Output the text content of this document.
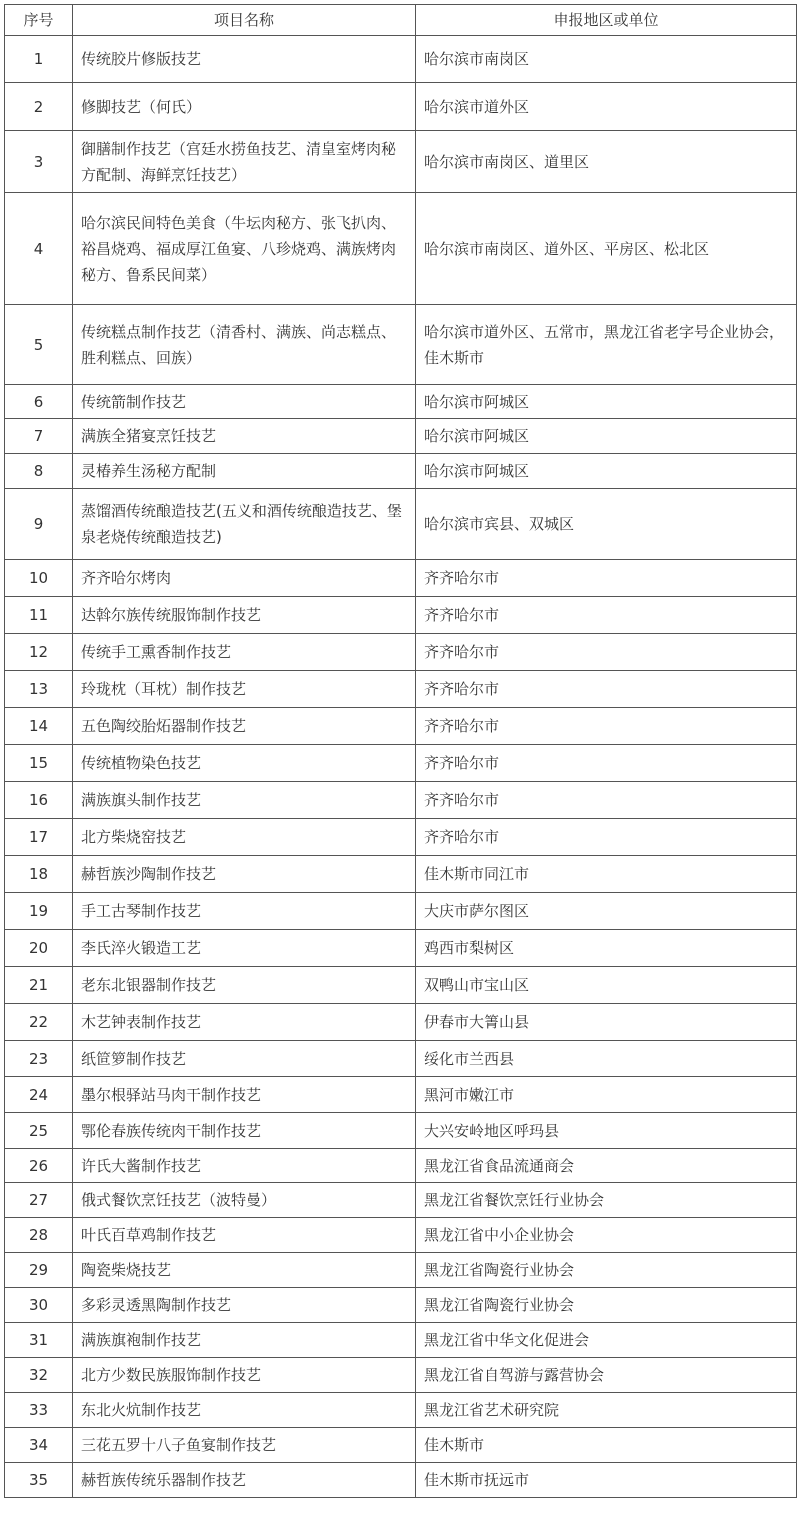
序号	项目名称	申报地区或单位
1	传统胶片修版技艺	哈尔滨市南岗区
2	修脚技艺（何氏）	哈尔滨市道外区
3	御膳制作技艺（宫廷水捞鱼技艺、清皇室烤肉秘方配制、海鲜烹饪技艺）	哈尔滨市南岗区、道里区
4	哈尔滨民间特色美食（牛坛肉秘方、张飞扒肉、裕昌烧鸡、福成厚江鱼宴、八珍烧鸡、满族烤肉秘方、鲁系民间菜）	哈尔滨市南岗区、道外区、平房区、松北区
5	传统糕点制作技艺（清香村、满族、尚志糕点、胜利糕点、回族）	哈尔滨市道外区、五常市，黑龙江省老字号企业协会，佳木斯市
6	传统箭制作技艺	哈尔滨市阿城区
7	满族全猪宴烹饪技艺	哈尔滨市阿城区
8	灵椿养生汤秘方配制	哈尔滨市阿城区
9	蒸馏酒传统酿造技艺(五义和酒传统酿造技艺、堡泉老烧传统酿造技艺)	哈尔滨市宾县、双城区
10	齐齐哈尔烤肉	齐齐哈尔市
11	达斡尔族传统服饰制作技艺	齐齐哈尔市
12	传统手工熏香制作技艺	齐齐哈尔市
13	玲珑枕（耳枕）制作技艺	齐齐哈尔市
14	五色陶绞胎炻器制作技艺	齐齐哈尔市
15	传统植物染色技艺	齐齐哈尔市
16	满族旗头制作技艺	齐齐哈尔市
17	北方柴烧窑技艺	齐齐哈尔市
18	赫哲族沙陶制作技艺	佳木斯市同江市
19	手工古琴制作技艺	大庆市萨尔图区
20	李氏淬火锻造工艺	鸡西市梨树区
21	老东北银器制作技艺	双鸭山市宝山区
22	木艺钟表制作技艺	伊春市大箐山县
23	纸笸箩制作技艺	绥化市兰西县
24	墨尔根驿站马肉干制作技艺	黑河市嫩江市
25	鄂伦春族传统肉干制作技艺	大兴安岭地区呼玛县
26	许氏大酱制作技艺	黑龙江省食品流通商会
27	俄式餐饮烹饪技艺（波特曼）	黑龙江省餐饮烹饪行业协会
28	叶氏百草鸡制作技艺	黑龙江省中小企业协会
29	陶瓷柴烧技艺	黑龙江省陶瓷行业协会
30	多彩灵透黑陶制作技艺	黑龙江省陶瓷行业协会
31	满族旗袍制作技艺	黑龙江省中华文化促进会
32	北方少数民族服饰制作技艺	黑龙江省自驾游与露营协会
33	东北火炕制作技艺	黑龙江省艺术研究院
34	三花五罗十八子鱼宴制作技艺	佳木斯市
35	赫哲族传统乐器制作技艺	佳木斯市抚远市
